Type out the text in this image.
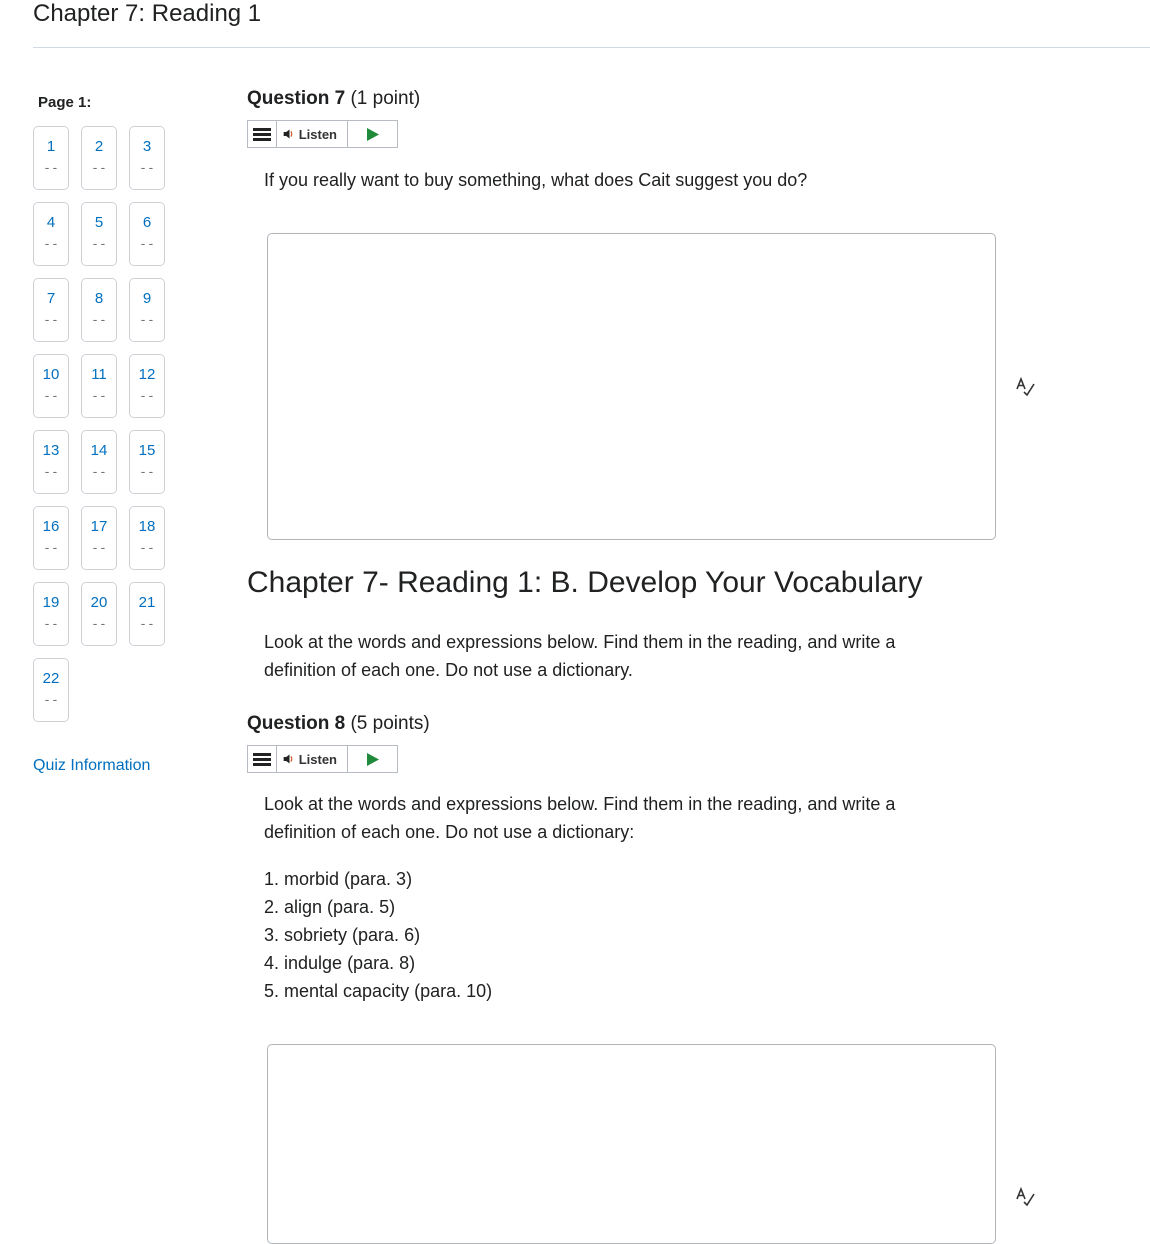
Chapter 7: Reading 1
Page 1:
1
--
2
--
3
--
4
--
5
--
6
--
7
--
8
--
9
--
10
--
11
--
12
--
13
--
14
--
15
--
16
--
17
--
18
--
19
--
20
--
21
--
22
--
Quiz Information
Question 7 (1 point)
Listen

If you really want to buy something, what does Cait suggest you do?

Chapter 7- Reading 1: B. Develop Your Vocabulary

Look at the words and expressions below. Find them in the reading, and write a definition of each one. Do not use a dictionary.

Question 8 (5 points)
Listen

Look at the words and expressions below. Find them in the reading, and write a definition of each one. Do not use a dictionary:

1. morbid (para. 3)
2. align (para. 5)
3. sobriety (para. 6)
4. indulge (para. 8)
5. mental capacity (para. 10)
